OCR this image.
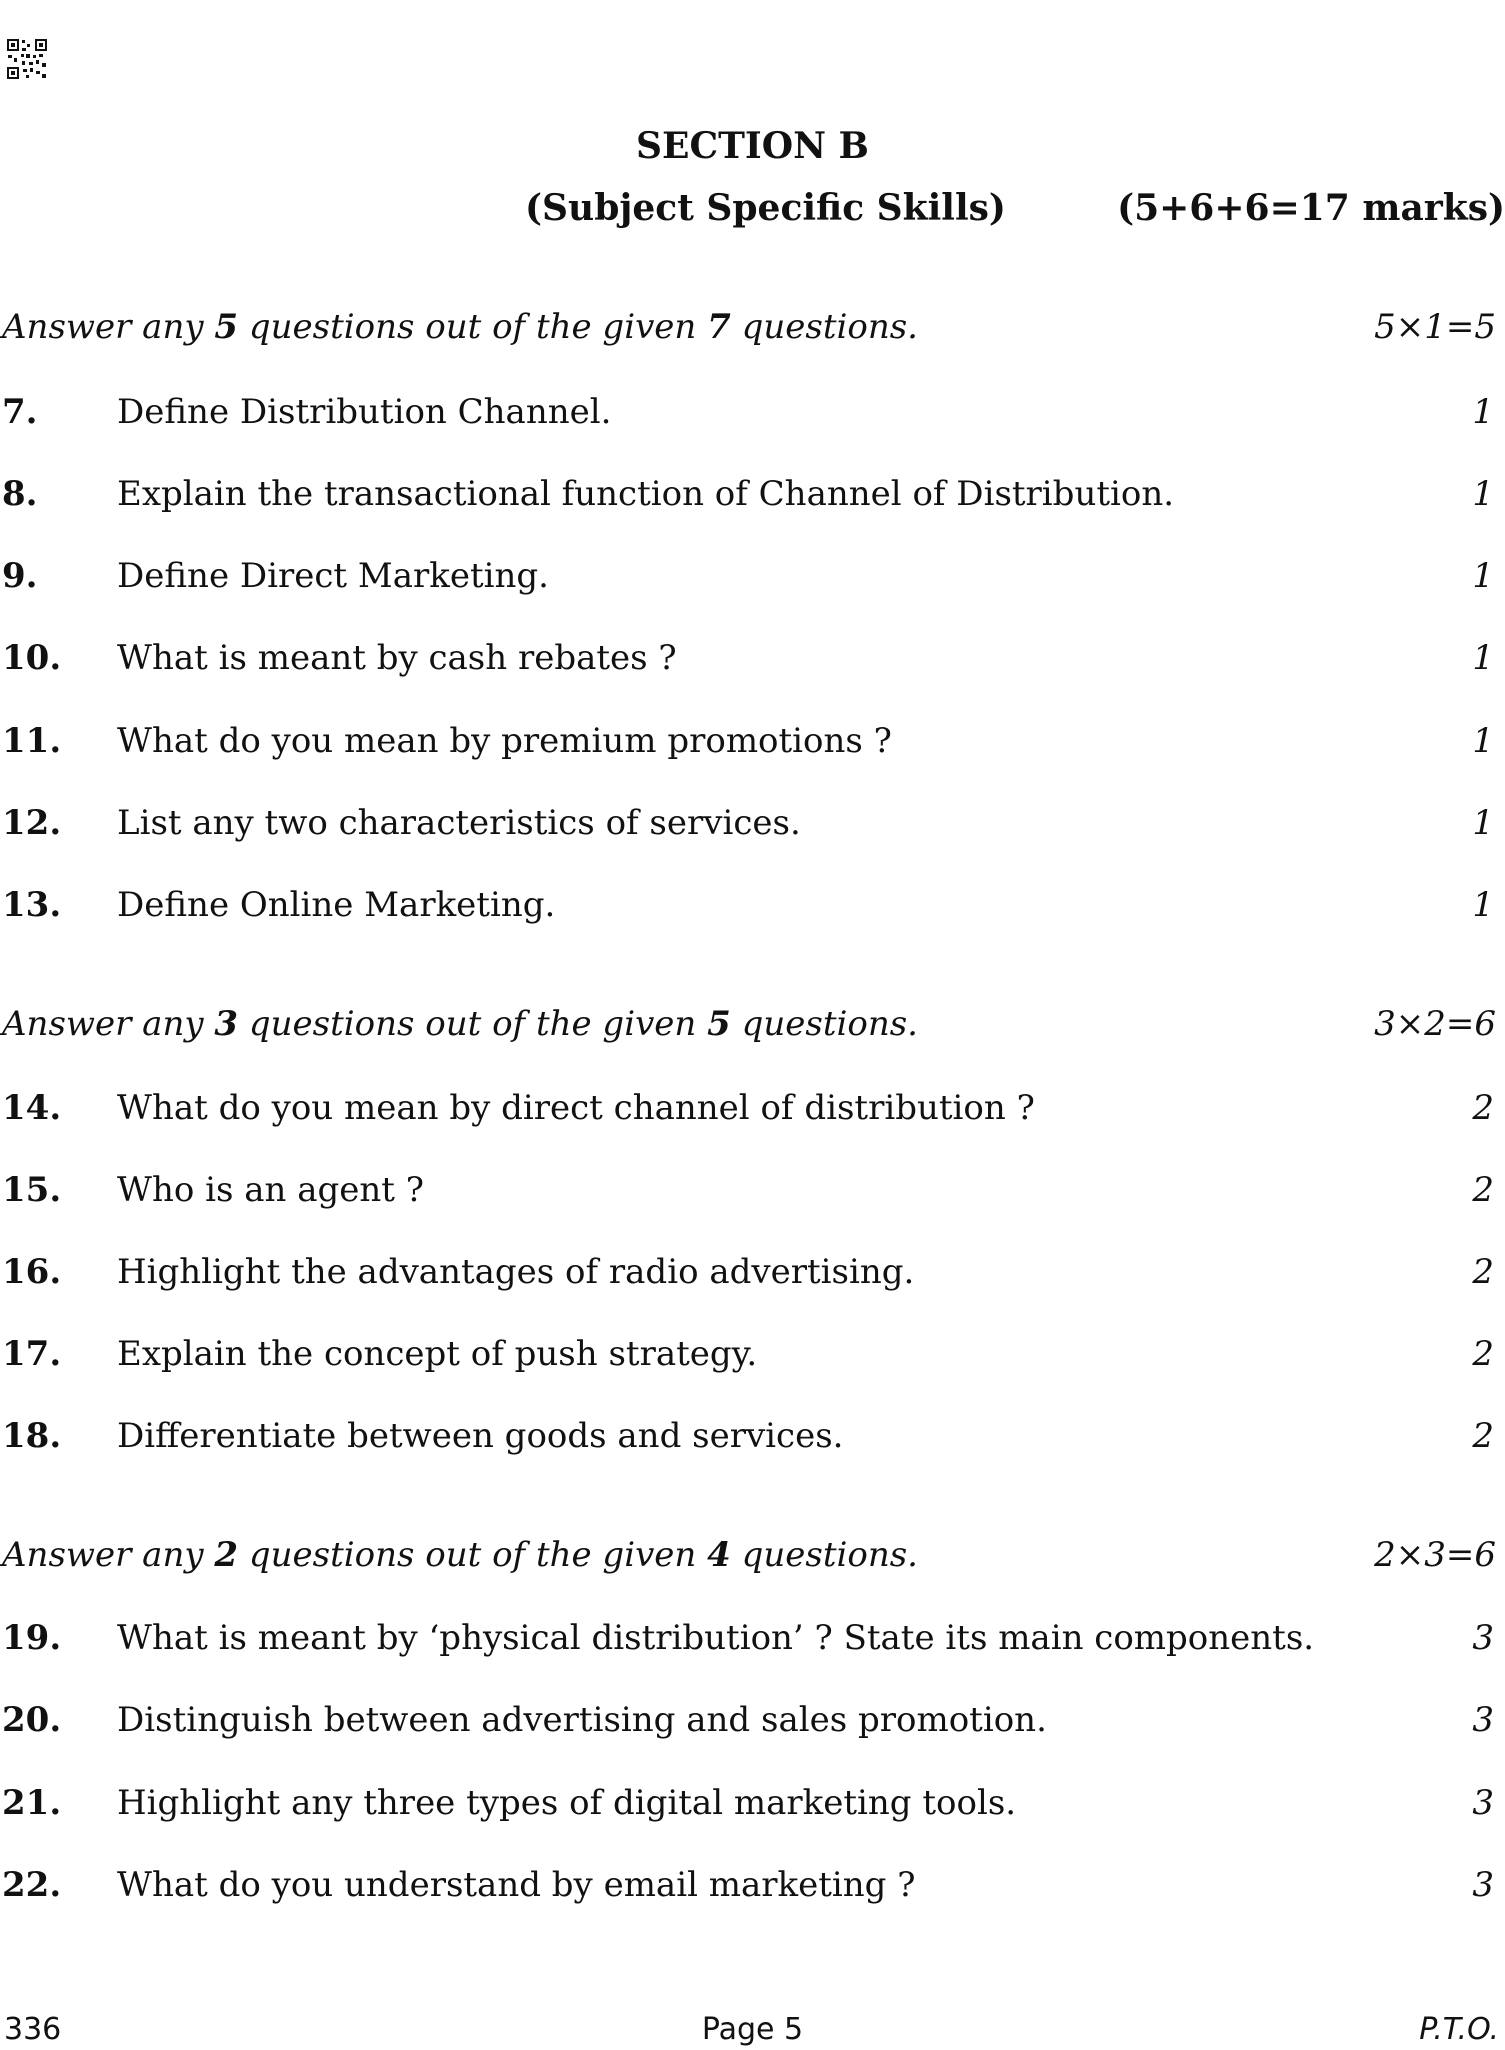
SECTION B
(Subject Specific Skills)	(5+6+6=17 marks)
Answer any 5 questions out of the given 7 questions.	5×1=5
7. Define Distribution Channel.	1
8. Explain the transactional function of Channel of Distribution.	1
9. Define Direct Marketing.	1
10. What is meant by cash rebates ?	1
11. What do you mean by premium promotions ?	1
12. List any two characteristics of services.	1
13. Define Online Marketing.	1
Answer any 3 questions out of the given 5 questions.	3×2=6
14. What do you mean by direct channel of distribution ?	2
15. Who is an agent ?	2
16. Highlight the advantages of radio advertising.	2
17. Explain the concept of push strategy.	2
18. Differentiate between goods and services.	2
Answer any 2 questions out of the given 4 questions.	2×3=6
19. What is meant by ‘physical distribution’ ? State its main components.	3
20. Distinguish between advertising and sales promotion.	3
21. Highlight any three types of digital marketing tools.	3
22. What do you understand by email marketing ?	3
336	Page 5	P.T.O.
